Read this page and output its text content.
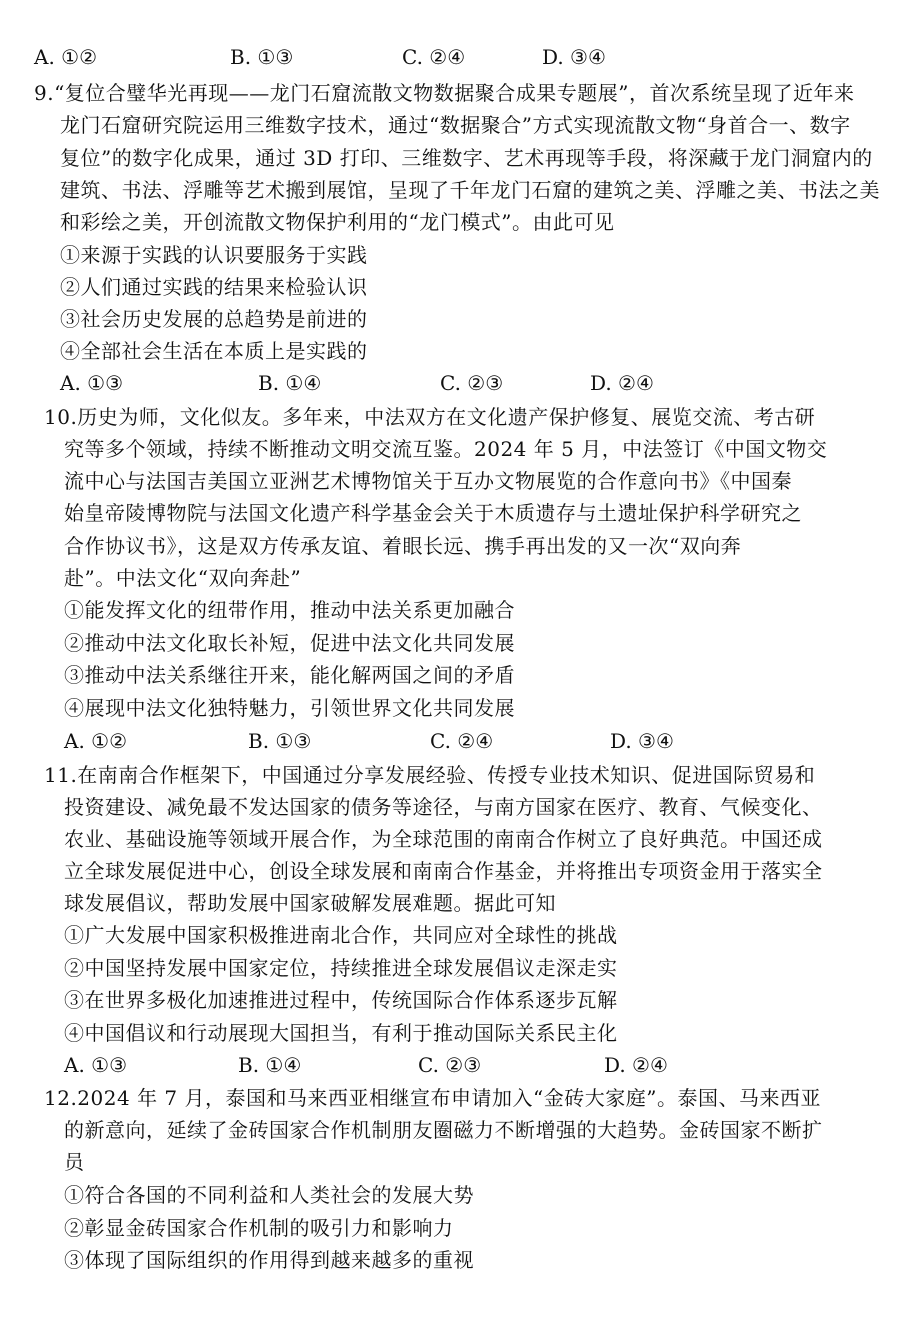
A. ①②	B. ①③	C. ②④	D. ③④
9.“复位合璧华光再现——龙门石窟流散文物数据聚合成果专题展”，首次系统呈现了近年来
龙门石窟研究院运用三维数字技术，通过“数据聚合”方式实现流散文物“身首合一、数字
复位”的数字化成果，通过 3D 打印、三维数字、艺术再现等手段，将深藏于龙门洞窟内的
建筑、书法、浮雕等艺术搬到展馆，呈现了千年龙门石窟的建筑之美、浮雕之美、书法之美
和彩绘之美，开创流散文物保护利用的“龙门模式”。由此可见
①来源于实践的认识要服务于实践
②人们通过实践的结果来检验认识
③社会历史发展的总趋势是前进的
④全部社会生活在本质上是实践的
A. ①③	B. ①④	C. ②③	D. ②④
10.历史为师，文化似友。多年来，中法双方在文化遗产保护修复、展览交流、考古研
究等多个领域，持续不断推动文明交流互鉴。2024 年 5 月，中法签订《中国文物交
流中心与法国吉美国立亚洲艺术博物馆关于互办文物展览的合作意向书》《中国秦
始皇帝陵博物院与法国文化遗产科学基金会关于木质遗存与土遗址保护科学研究之
合作协议书》，这是双方传承友谊、着眼长远、携手再出发的又一次“双向奔
赴”。中法文化“双向奔赴”
①能发挥文化的纽带作用，推动中法关系更加融合
②推动中法文化取长补短，促进中法文化共同发展
③推动中法关系继往开来，能化解两国之间的矛盾
④展现中法文化独特魅力，引领世界文化共同发展
A. ①②	B. ①③	C. ②④	D. ③④
11.在南南合作框架下，中国通过分享发展经验、传授专业技术知识、促进国际贸易和
投资建设、减免最不发达国家的债务等途径，与南方国家在医疗、教育、气候变化、
农业、基础设施等领域开展合作，为全球范围的南南合作树立了良好典范。中国还成
立全球发展促进中心，创设全球发展和南南合作基金，并将推出专项资金用于落实全
球发展倡议，帮助发展中国家破解发展难题。据此可知
①广大发展中国家积极推进南北合作，共同应对全球性的挑战
②中国坚持发展中国家定位，持续推进全球发展倡议走深走实
③在世界多极化加速推进过程中，传统国际合作体系逐步瓦解
④中国倡议和行动展现大国担当，有利于推动国际关系民主化
A. ①③	B. ①④	C. ②③	D. ②④
12.2024 年 7 月，泰国和马来西亚相继宣布申请加入“金砖大家庭”。泰国、马来西亚
的新意向，延续了金砖国家合作机制朋友圈磁力不断增强的大趋势。金砖国家不断扩
员
①符合各国的不同利益和人类社会的发展大势
②彰显金砖国家合作机制的吸引力和影响力
③体现了国际组织的作用得到越来越多的重视
